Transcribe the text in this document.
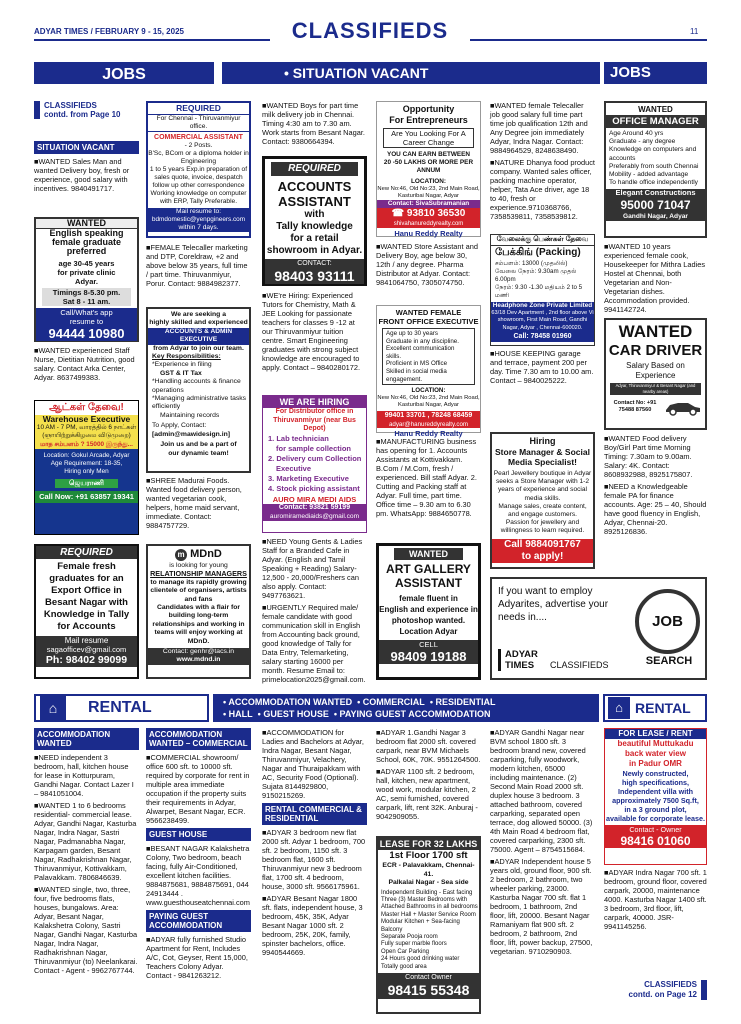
ADYAR TIMES / FEBRUARY 9 - 15, 2025	CLASSIFIEDS	11
JOBS	• SITUATION VACANT	JOBS
CLASSIFIEDS
contd. from Page 10
SITUATION VACANT
■WANTED Sales Man and wanted Delivery boy, fresh or experience, good salary with incentives. 9840491717.
WANTED
English speaking
female graduate preferred
age 30-45 years
for private clinic
Adyar.
Timings 8-5.30 pm.
Sat 8 - 11 am.
Call/What's app
resume to
94444 10980
■WANTED experienced Staff Nurse, Dietitian Nutrition, good salary. Contact Arka Center, Adyar. 8637499383.
ஆட்கள் தேவை!
Warehouse Executive
10 AM - 7 PM, வாரத்தில் 6 நாட்கள்
(ஞாயிற்றுக்கிழமை விடுமுறை)
மாத சம்பளம் ? 15000 இருந்து...
Location: Gokul Arcade, Adyar
Age Requirement: 18-35,
Hiring only Men
ஜெயராணி
Call Now: +91 63857 19341
REQUIRED
Female fresh
graduates for an
Export Office in
Besant Nagar with
Knowledge in Tally
for Accounts
Mail resume
sagaofficev@gmail.com
Ph: 98402 99099
REQUIRED
For Chennai - Thiruvanmiyur office.
COMMERCIAL ASSISTANT
- 2 Posts.
B'Sc, BCom or a diploma holder in Engineering
1 to 5 years Exp.in preparation of sales quote, invoice, despatch follow up other correspondence
Working knowledge on computer with ERP, Tally Preferable.
Mail resume to:
bdmdomestic@yenpgineers.com
within 7 days.
■FEMALE Telecaller marketing and DTP, Coreldraw, +2 and above below 35 years, full time / part time. Thiruvanmiyur, Porur. Contact: 9884982377.
We are seeking a
highly skilled and experienced
ACCOUNTS & ADMIN EXECUTIVE
from Adyar to join our team.
Key Responsibilities:
*Experience in filing
GST & IT Tax
*Handling accounts & finance operations
*Managing administrative tasks efficiently
Maintaining records
To Apply, Contact:
[admin@mawidesign.in]
Join us and be a part of
our dynamic team!
■SHREE Madurai Foods. Wanted food delivery person, wanted vegetarian cook, helpers, home maid servant, immediate. Contact: 9884757729.
m MDnD
is looking for young
RELATIONSHIP MANAGERS
to manage its rapidly growing clientele of organisers, artists and fans
Candidates with a flair for building long-term relationships and working in teams will enjoy working at MDnD.
Contact: genhr@tacs.in
www.mdnd.in
■WANTED Boys for part time milk delivery job in Chennai. Timing 4:30 am to 7.30 am. Work starts from Besant Nagar. Contact: 9380664394.
REQUIRED
ACCOUNTS
ASSISTANT
with
Tally knowledge
for a retail
showroom in Adyar.
CONTACT:
98403 93111
■WE're Hiring: Experienced Tutors for Chemistry, Math & JEE Looking for passionate teachers for classes 9 -12 at our Thiruvanmiyur tuition centre. Smart Engineering graduates with strong subject knowledge are encouraged to apply. Contact – 9840280172.
WE ARE HIRING
For Distributor office in
Thiruvanmiyur (near Bus Depot)
1. Lab technician
for sample collection
2. Delivery cum Collection
Executive
3. Marketing Executive
4. Stock picking assistant
AURO MIRA MEDI AIDS
Contact: 93821 59199
auromiramediaids@gmail.com
■NEED Young Gents & Ladies Staff for a Branded Cafe in Adyar. (English and Tamil Speaking + Reading) Salary- 12,500 - 20,000/Freshers can also apply. Contact: 9497763621.
■URGENTLY Required male/ female candidate with good communication skill in English from Accounting back ground, good knowledge of Tally for Data Entry, Telemarketing, salary starting 16000 per month. Resume Email to: primelocation2025@gmail.com.
Opportunity
For Entrepreneurs
Are You Looking For A
Career Change
YOU CAN EARN BETWEEN
20 -50 LAKHS OR MORE PER ANNUM
LOCATION:
New No:46, Old No:23, 2nd Main Road, Kasturibai Nagar, Adyar
Contact: SivaSubramanian
☎ 93810 36530
shivahanureddyrealty.com
Hanu Reddy Realty
■WANTED Store Assistant and Delivery Boy, age below 30, 12th / any degree. Pharma Distributor at Adyar. Contact: 9841064750, 7305074750.
WANTED FEMALE
FRONT OFFICE EXECUTIVE
Age up to 30 years
Graduate in any discipline.
Excellent communication skills.
Proficient in MS Office
Skilled in social media engagement.
LOCATION:
New No:46, Old No:23, 2nd Main Road, Kasturibai Nagar, Adyar
99401 33701 , 78248 68459
adyar@hanureddyrealty.com
Hanu Reddy Realty
■MANUFACTURING business has opening for 1. Accounts Assistants at Kottivakkam. B.Com / M.Com, fresh / experienced. Bill staff Adyar. 2. Cutting and Packing staff at Adyar. Full time, part time. Office time – 9.30 am to 6.30 pm. WhatsApp: 9884650778.
WANTED
ART GALLERY
ASSISTANT
female fluent in
English and experience in
photoshop wanted.
Location Adyar
CELL
98409 19188
■WANTED female Telecaller job good salary full time part time job qualification 12th and Any Degree join immediately Adyar, Indra Nagar. Contact: 9884964529, 8248638490.
■NATURE Dhanya food product company. Wanted sales officer, packing machine operator, helper, Tata Ace driver, age 18 to 40, fresh or experience.9710368766, 7358539811, 7358539812.
வேலைக்கு பெண்கள் தேவை
பேக்கிங் (Packing)
சம்பளம்: 13000 (முதலில்)
வேலை நேரம்: 9.30am முதல் 6.00pm
நேரம்: 9.30 -1.30 மதியம் 2 to 5 மணி
Headphone Zone Private Limited
63/18 Dev Apartment , 2nd floor above Vi showroom, First Main Road, Gandhi Nagar, Adyar , Chennai-600020.
Call: 78458 01960
■HOUSE KEEPING garage and terrace, payment 200 per day. Time 7.30 am to 10.00 am. Contact – 9840025222.
Hiring
Store Manager & Social
Media Specialist!
Pearl Jewellery boutique in Adyar seeks a Store Manager with 1-2 years of experience and social media skills.
Manage sales, create content, and engage customers.
Passion for jewellery and willingness to learn required.
Call 9884091767
to apply!
If you want to employ
Adyarites, advertise your
needs in....
ADYAR
TIMES	CLASSIFIEDS
JOB
SEARCH
WANTED
OFFICE MANAGER
Age Around 40 yrs
Graduate - any degree
Knowledge on computers and accounts
Preferably from south Chennai
Mobility - added advantage
To handle office independently
Elegant Constructions
95000 71047
Gandhi Nagar, Adyar
■WANTED 10 years experienced female cook, Housekeeper for Mithra Ladies Hostel at Chennai, both Vegetarian and Non-Vegetarian dishes. Accommodation provided. 9941142724.
WANTED
CAR DRIVER
Salary Based on
Experience
Adyar, Thiruvanmiyur & Besant Nagar (and nearby areas)
Contact No: +91 75488 87560
■WANTED Food delivery Boy/Girl Part time Morning Timing: 7.30am to 9.00am. Salary: 4K. Contact: 8608932988, 8925175807.
■NEED a Knowledgeable female PA for finance accounts. Age: 25 – 40, Should have good fluency in English, Adyar, Chennai-20. 8925126836.
⌂	RENTAL	• ACCOMMODATION WANTED • COMMERCIAL • RESIDENTIAL
• HALL • GUEST HOUSE • PAYING GUEST ACCOMMODATION	⌂ RENTAL
ACCOMMODATION WANTED
■NEED independent 3 bedroom, hall, kitchen house for lease in Kotturpuram, Gandhi Nagar. Contact Lazer I – 9841051004.
■WANTED 1 to 6 bedrooms residential- commercial lease. Adyar, Gandhi Nagar, Kasturba Nagar, Indra Nagar, Sastri Nagar, Padmanabha Nagar, Karpagam garden, Besant Nagar, Radhakrishnan Nagar, Thiruvanmiyur, Kottivakkam, Palavakkam. 7806846639.
■WANTED single, two, three, four, five bedrooms flats, houses, bungalows. Area: Adyar, Besant Nagar, Kalakshetra Colony, Sastri Nagar, Gandhi Nagar, Kasturba Nagar, Indra Nagar, Radhakrishnan Nagar, Thiruvanmiyur (to) Neelankarai. Contact - Agent - 9962767744.
ACCOMMODATION WANTED – COMMERCIAL
■COMMERCIAL showroom/ office 600 sft. to 10000 sft. required by corporate for rent in multiple area immediate occupation if the property suits their requirements in Adyar, Alwarpet, Besant Nagar, ECR. 9566238499.
GUEST HOUSE
■BESANT NAGAR Kalakshetra Colony, Two bedroom, beach facing, fully Air-Conditioned, excellent kitchen facilities. 9884875681, 9884875691, 044 24913444 . www.guesthouseatchennai.com
PAYING GUEST ACCOMMODATION
■ADYAR fully furnished Studio Apartment for Rent, Includes A/C, Cot, Geyser, Rent 15,000, Teachers Colony Adyar. Contact - 9841263212.
■ACCOMMODATION for Ladies and Bachelors at Adyar, Indra Nagar, Besant Nagar, Thiruvanmiyur, Velachery, Nagar and Thuraipakkam with AC, Security Food (Optional). Sujata 8144929800, 9150215269.
RENTAL COMMERCIAL & RESIDENTIAL
■ADYAR 3 bedroom new flat 2000 sft. Adyar 1 bedroom, 700 sft. 2 bedroom, 1150 sft. 3 bedroom flat, 1600 sft. Thiruvanmiyur new 3 bedroom flat, 1700 sft. 4 bedroom, house, 3000 sft. 9566175961.
■ADYAR Besant Nagar 1800 sft. flats, independent house, 3 bedroom, 45K, 35K, Adyar Besant Nagar 1000 sft. 2 bedroom, 25K, 20K, family, spinster bachelors, office. 9940544669.
■ADYAR 1.Gandhi Nagar 3 bedroom flat 2000 sft. covered carpark, near BVM Michaels School, 60K, 70K. 9551264500.
■ADYAR 1100 sft. 2 bedroom, hall, kitchen, new apartment, wood work, modular kitchen, 2 AC, semi furnished, covered carpark, lift, rent 32K. Anburaj - 9042909055.
LEASE FOR 32 LAKHS
1st Floor 1700 sft
ECR - Palavakkam, Chennai-41.
Palkalai Nagar - Sea side
Independent Building - East facing
Three (3) Master Bedrooms with Attached Bathrooms in all bedrooms
Master Hall + Master Service Room
Modular Kitchen + Sea-facing Balcony
Separate Pooja room
Fully super marble floors
Open Car Parking
24 Hours good drinking water
Totally good area
Contact Owner
98415 55348
■ADYAR Gandhi Nagar near BVM school 1800 sft. 3 bedroom brand new, covered carparking, fully woodwork, modern kitchen, 65000 including maintenance. (2) Second Main Road 2000 sft. duplex house 3 bedroom. 3 attached bathroom, covered carparking, separated open terrace, dog allowed 50000. (3) 4th Main Road 4 bedroom flat, covered carparking, 2300 sft. 75000. Agent – 8754515684.
■ADYAR Independent house 5 years old, ground floor, 900 sft. 2 bedroom, 2 bathroom, two wheeler parking, 23000. Kasturba Nagar 700 sft. flat 1 bedroom, 1 bathroom, 2nd floor, lift, 20000. Besant Nagar Ramaniyam flat 900 sft. 2 bedroom, 2 bathroom, 2nd floor, lift, power backup, 27500, vegetarian. 9710290903.
FOR LEASE / RENT
beautiful Muttukadu
back water view
in Padur OMR
Newly constructed,
high specifications,
Independent villa with
approximately 7500 Sq.ft,
in a 3 ground plot,
available for corporate lease.
Contact - Owner
98416 01060
■ADYAR Indra Nagar 700 sft. 1 bedroom, ground floor, covered carpark, 20000, maintenance 4000. Kasturba Nagar 1400 sft. 3 bedroom, 3rd floor, lift, carpark, 40000. JSR- 9941145256.
CLASSIFIEDS
contd. on Page 12
